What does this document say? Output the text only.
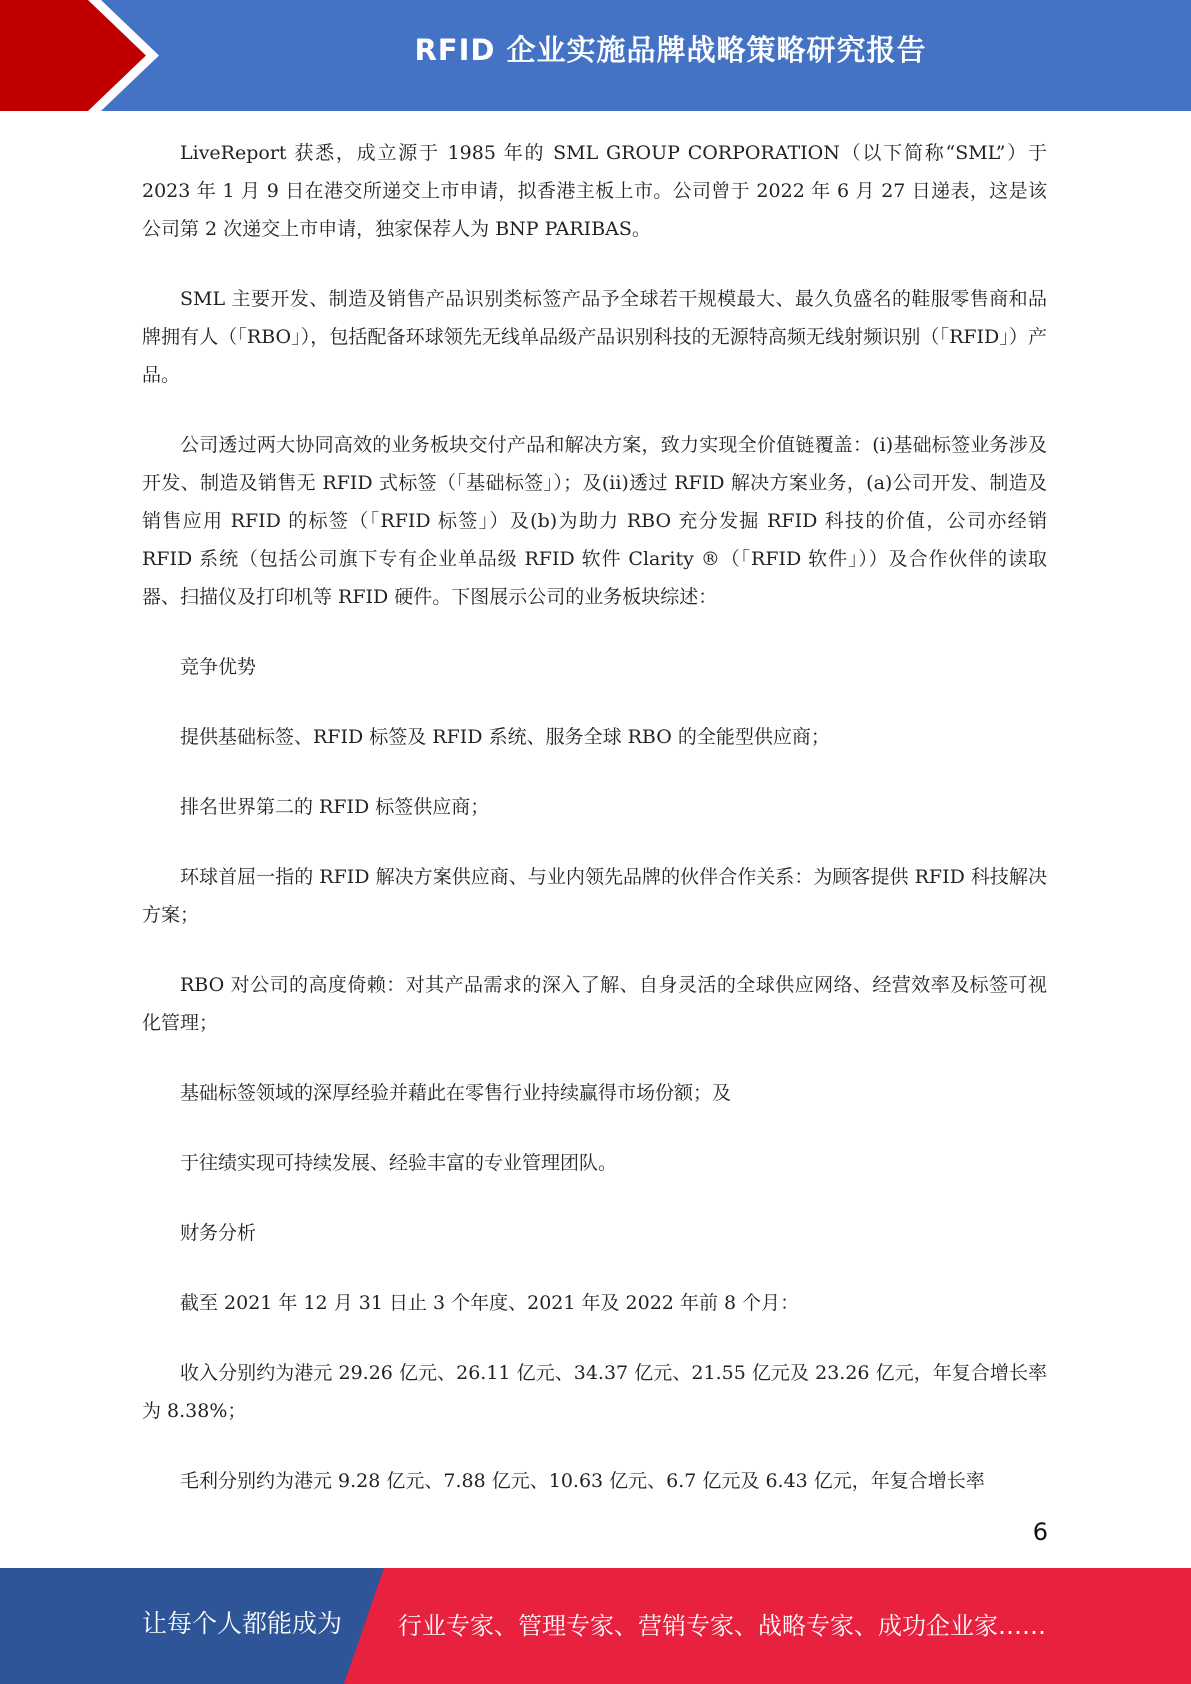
RFID 企业实施品牌战略策略研究报告

LiveReport 获悉，成立源于 1985 年的 SML GROUP CORPORATION（以下简称“SML”）于 2023 年 1 月 9 日在港交所递交上市申请，拟香港主板上市。公司曾于 2022 年 6 月 27 日递表，这是该公司第 2 次递交上市申请，独家保荐人为 BNP PARIBAS。

SML 主要开发、制造及销售产品识别类标签产品予全球若干规模最大、最久负盛名的鞋服零售商和品牌拥有人（「RBO」），包括配备环球领先无线单品级产品识别科技的无源特高频无线射频识别（「RFID」）产品。

公司透过两大协同高效的业务板块交付产品和解决方案，致力实现全价值链覆盖：(i)基础标签业务涉及开发、制造及销售无 RFID 式标签（「基础标签」）；及(ii)透过 RFID 解决方案业务，(a)公司开发、制造及销售应用 RFID 的标签（「RFID 标签」）及(b)为助力 RBO 充分发掘 RFID 科技的价值，公司亦经销 RFID 系统（包括公司旗下专有企业单品级 RFID 软件 Clarity ®（「RFID 软件」））及合作伙伴的读取器、扫描仪及打印机等 RFID 硬件。下图展示公司的业务板块综述：

竞争优势

提供基础标签、RFID 标签及 RFID 系统、服务全球 RBO 的全能型供应商；

排名世界第二的 RFID 标签供应商；

环球首屈一指的 RFID 解决方案供应商、与业内领先品牌的伙伴合作关系：为顾客提供 RFID 科技解决方案；

RBO 对公司的高度倚赖：对其产品需求的深入了解、自身灵活的全球供应网络、经营效率及标签可视化管理；

基础标签领域的深厚经验并藉此在零售行业持续赢得市场份额；及

于往绩实现可持续发展、经验丰富的专业管理团队。

财务分析

截至 2021 年 12 月 31 日止 3 个年度、2021 年及 2022 年前 8 个月：

收入分别约为港元 29.26 亿元、26.11 亿元、34.37 亿元、21.55 亿元及 23.26 亿元，年复合增长率为 8.38%；

毛利分别约为港元 9.28 亿元、7.88 亿元、10.63 亿元、6.7 亿元及 6.43 亿元，年复合增长率

6
让每个人都能成为 行业专家、管理专家、营销专家、战略专家、成功企业家……
